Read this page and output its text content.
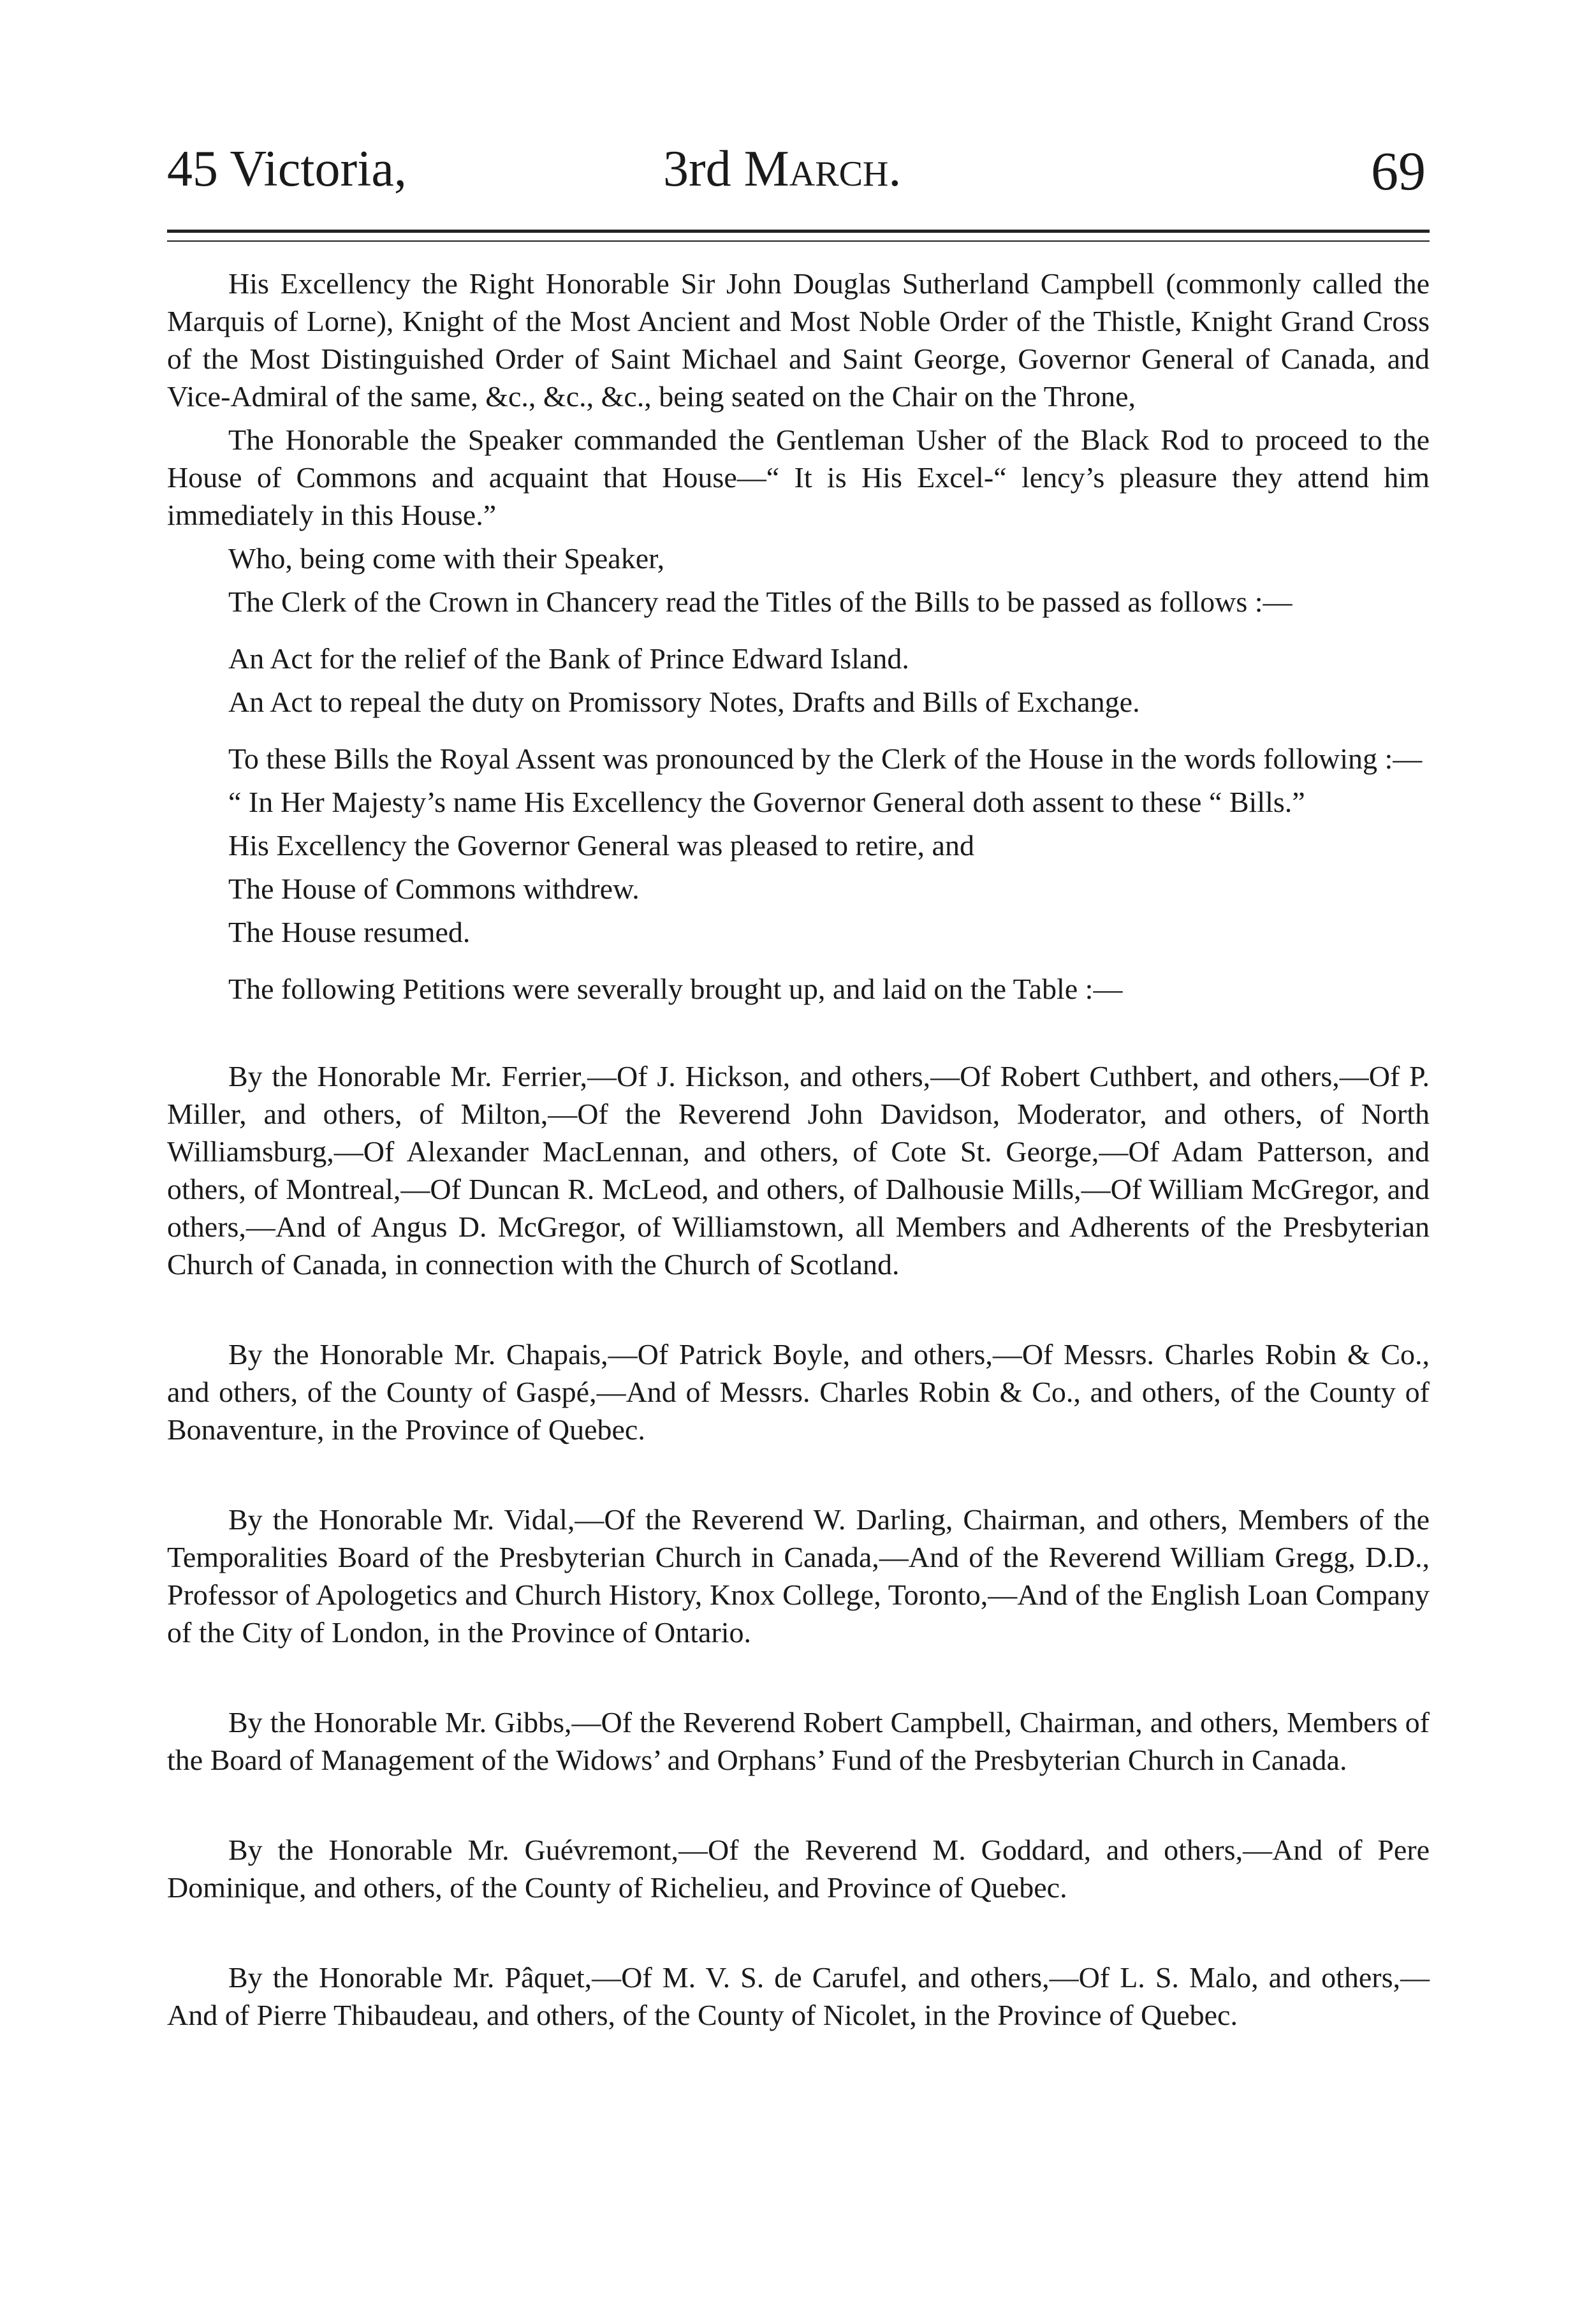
45 Victoria,	3rd March.	69

His Excellency the Right Honorable Sir John Douglas Sutherland Campbell (commonly called the Marquis of Lorne), Knight of the Most Ancient and Most Noble Order of the Thistle, Knight Grand Cross of the Most Distinguished Order of Saint Michael and Saint George, Governor General of Canada, and Vice-Admiral of the same, &c., &c., &c., being seated on the Chair on the Throne,

The Honorable the Speaker commanded the Gentleman Usher of the Black Rod to proceed to the House of Commons and acquaint that House—“ It is His Excel-“ lency’s pleasure they attend him immediately in this House.”

Who, being come with their Speaker,

The Clerk of the Crown in Chancery read the Titles of the Bills to be passed as follows :—

An Act for the relief of the Bank of Prince Edward Island.

An Act to repeal the duty on Promissory Notes, Drafts and Bills of Exchange.

To these Bills the Royal Assent was pronounced by the Clerk of the House in the words following :—

“ In Her Majesty’s name His Excellency the Governor General doth assent to these “ Bills.”

His Excellency the Governor General was pleased to retire, and

The House of Commons withdrew.

The House resumed.

The following Petitions were severally brought up, and laid on the Table :—

By the Honorable Mr. Ferrier,—Of J. Hickson, and others,—Of Robert Cuthbert, and others,—Of P. Miller, and others, of Milton,—Of the Reverend John Davidson, Moderator, and others, of North Williamsburg,—Of Alexander MacLennan, and others, of Cote St. George,—Of Adam Patterson, and others, of Montreal,—Of Duncan R. McLeod, and others, of Dalhousie Mills,—Of William McGregor, and others,—And of Angus D. McGregor, of Williamstown, all Members and Adherents of the Presbyterian Church of Canada, in connection with the Church of Scotland.

By the Honorable Mr. Chapais,—Of Patrick Boyle, and others,—Of Messrs. Charles Robin & Co., and others, of the County of Gaspé,—And of Messrs. Charles Robin & Co., and others, of the County of Bonaventure, in the Province of Quebec.

By the Honorable Mr. Vidal,—Of the Reverend W. Darling, Chairman, and others, Members of the Temporalities Board of the Presbyterian Church in Canada,—And of the Reverend William Gregg, D.D., Professor of Apologetics and Church History, Knox College, Toronto,—And of the English Loan Company of the City of London, in the Province of Ontario.

By the Honorable Mr. Gibbs,—Of the Reverend Robert Campbell, Chairman, and others, Members of the Board of Management of the Widows’ and Orphans’ Fund of the Presbyterian Church in Canada.

By the Honorable Mr. Guévremont,—Of the Reverend M. Goddard, and others,—And of Pere Dominique, and others, of the County of Richelieu, and Province of Quebec.

By the Honorable Mr. Pâquet,—Of M. V. S. de Carufel, and others,—Of L. S. Malo, and others,—And of Pierre Thibaudeau, and others, of the County of Nicolet, in the Province of Quebec.
